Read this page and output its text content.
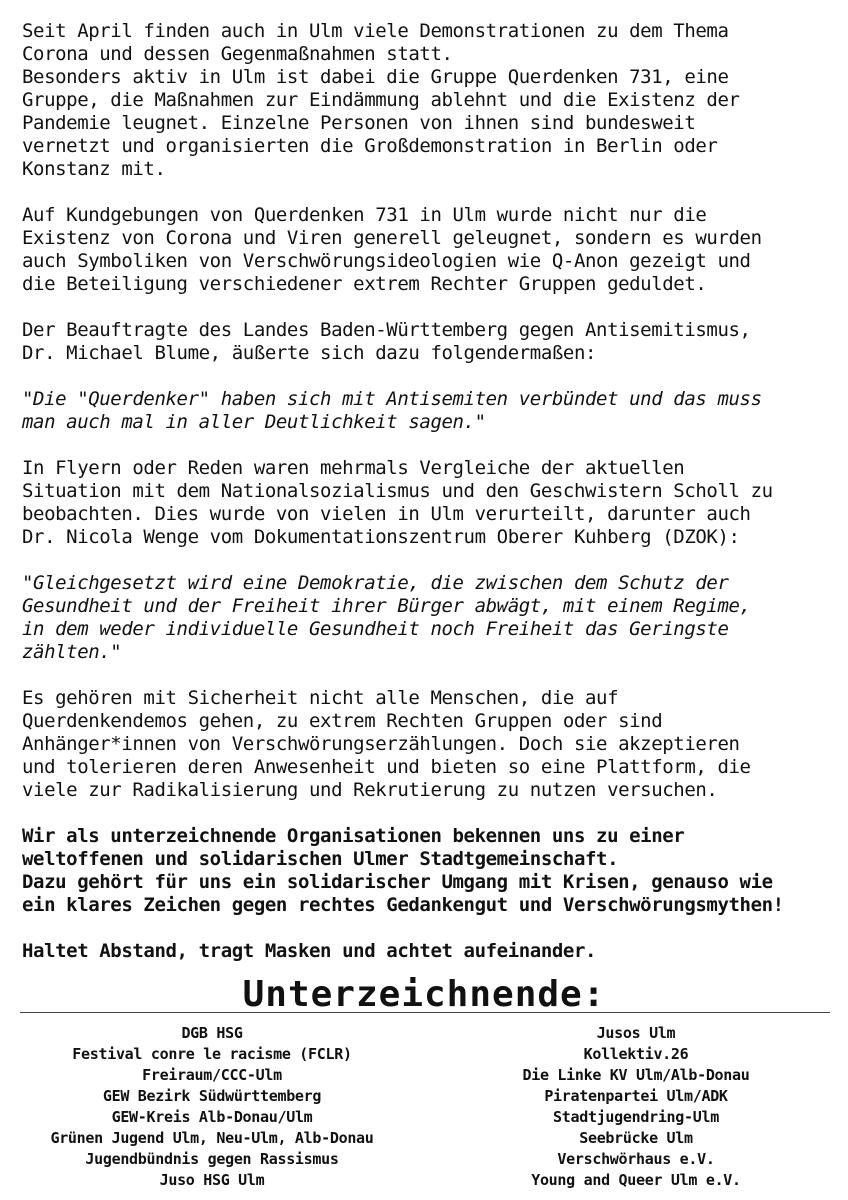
Seit April finden auch in Ulm viele Demonstrationen zu dem Thema
Corona und dessen Gegenmaßnahmen statt.
Besonders aktiv in Ulm ist dabei die Gruppe Querdenken 731, eine
Gruppe, die Maßnahmen zur Eindämmung ablehnt und die Existenz der
Pandemie leugnet. Einzelne Personen von ihnen sind bundesweit
vernetzt und organisierten die Großdemonstration in Berlin oder
Konstanz mit.

Auf Kundgebungen von Querdenken 731 in Ulm wurde nicht nur die
Existenz von Corona und Viren generell geleugnet, sondern es wurden
auch Symboliken von Verschwörungsideologien wie Q-Anon gezeigt und
die Beteiligung verschiedener extrem Rechter Gruppen geduldet.

Der Beauftragte des Landes Baden-Württemberg gegen Antisemitismus,
Dr. Michael Blume, äußerte sich dazu folgendermaßen:

"Die "Querdenker" haben sich mit Antisemiten verbündet und das muss
man auch mal in aller Deutlichkeit sagen."

In Flyern oder Reden waren mehrmals Vergleiche der aktuellen
Situation mit dem Nationalsozialismus und den Geschwistern Scholl zu
beobachten. Dies wurde von vielen in Ulm verurteilt, darunter auch
Dr. Nicola Wenge vom Dokumentationszentrum Oberer Kuhberg (DZOK):

"Gleichgesetzt wird eine Demokratie, die zwischen dem Schutz der
Gesundheit und der Freiheit ihrer Bürger abwägt, mit einem Regime,
in dem weder individuelle Gesundheit noch Freiheit das Geringste
zählten."

Es gehören mit Sicherheit nicht alle Menschen, die auf
Querdenkendemos gehen, zu extrem Rechten Gruppen oder sind
Anhänger*innen von Verschwörungserzählungen. Doch sie akzeptieren
und tolerieren deren Anwesenheit und bieten so eine Plattform, die
viele zur Radikalisierung und Rekrutierung zu nutzen versuchen.

Wir als unterzeichnende Organisationen bekennen uns zu einer
weltoffenen und solidarischen Ulmer Stadtgemeinschaft.
Dazu gehört für uns ein solidarischer Umgang mit Krisen, genauso wie
ein klares Zeichen gegen rechtes Gedankengut und Verschwörungsmythen!

Haltet Abstand, tragt Masken und achtet aufeinander.

Unterzeichnende:
DGB HSG
Festival conre le racisme (FCLR)
Freiraum/CCC-Ulm
GEW Bezirk Südwürttemberg
GEW-Kreis Alb-Donau/Ulm
Grünen Jugend Ulm, Neu-Ulm, Alb-Donau
Jugendbündnis gegen Rassismus
Juso HSG Ulm
Jusos Ulm
Kollektiv.26
Die Linke KV Ulm/Alb-Donau
Piratenpartei Ulm/ADK
Stadtjugendring-Ulm
Seebrücke Ulm
Verschwörhaus e.V.
Young and Queer Ulm e.V.
